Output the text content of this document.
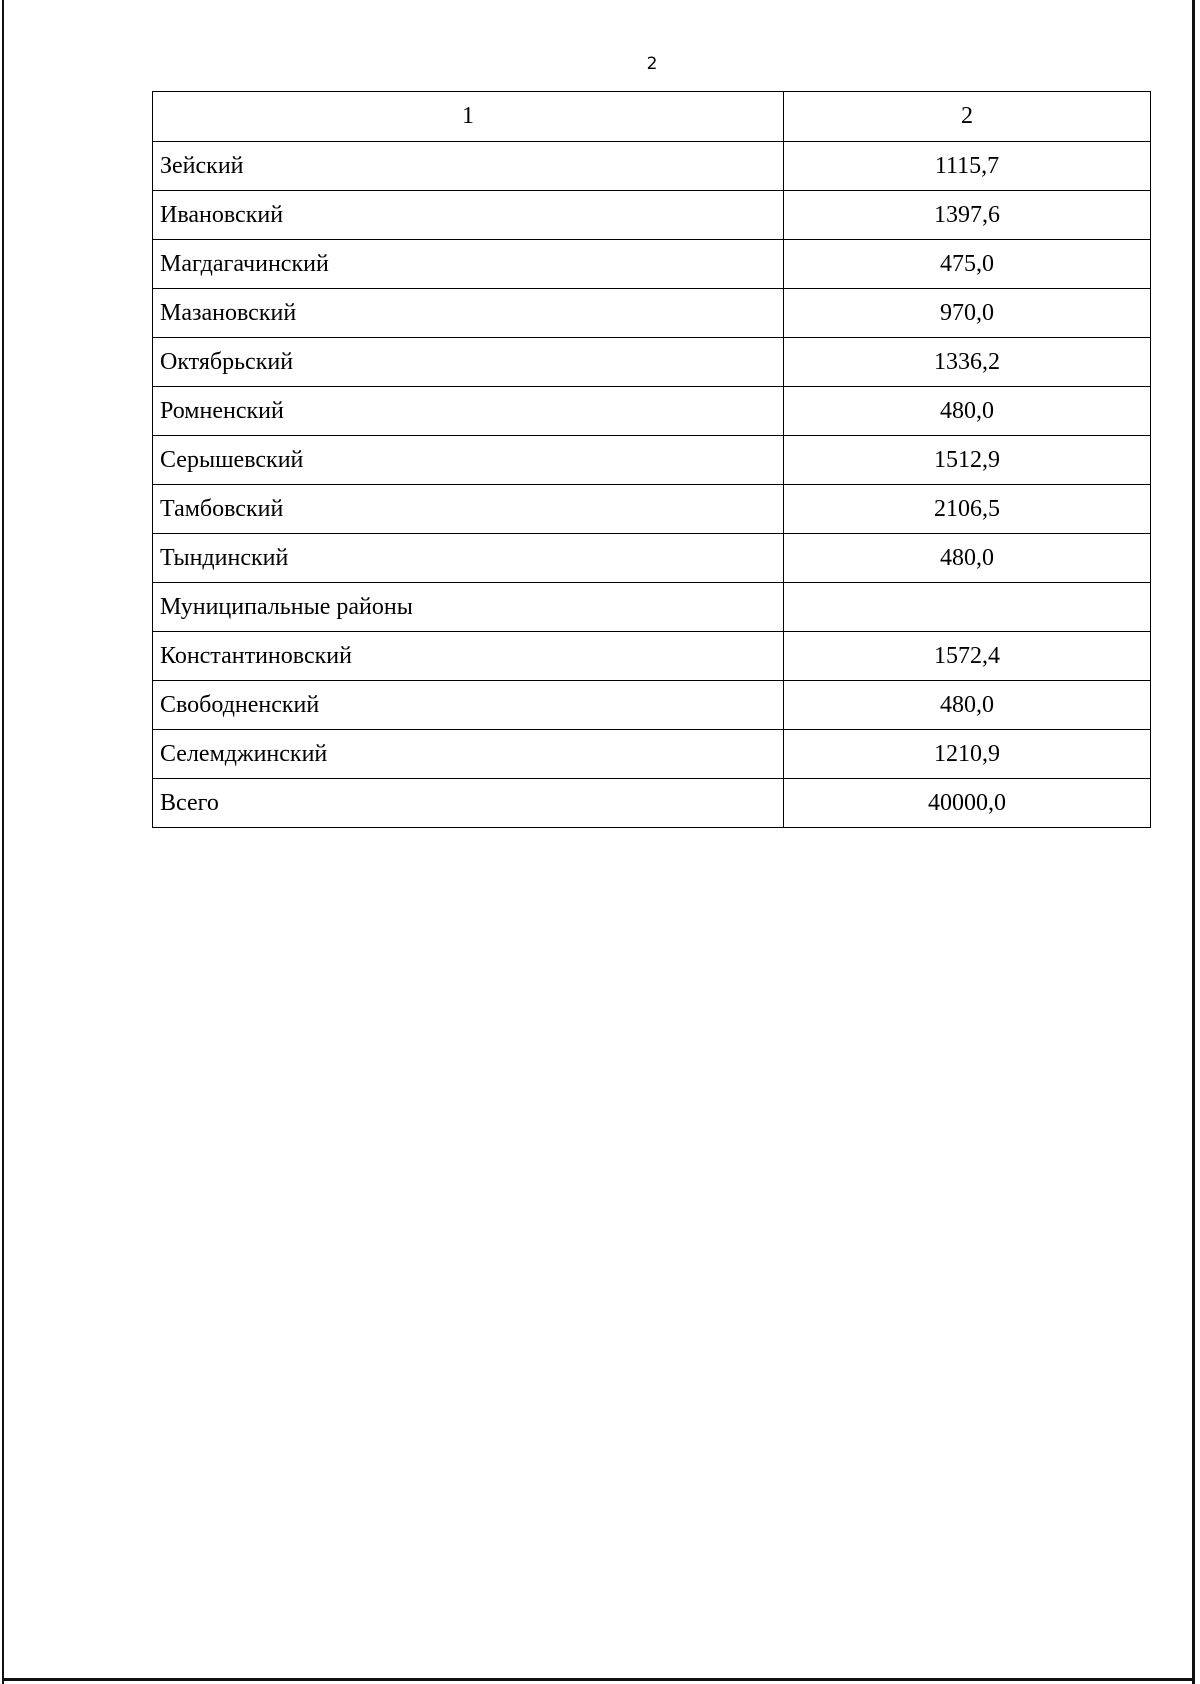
2
1	2
Зейский	1115,7
Ивановский	1397,6
Магдагачинский	475,0
Мазановский	970,0
Октябрьский	1336,2
Ромненский	480,0
Серышевский	1512,9
Тамбовский	2106,5
Тындинский	480,0
Муниципальные районы	
Константиновский	1572,4
Свободненский	480,0
Селемджинский	1210,9
Всего	40000,0
